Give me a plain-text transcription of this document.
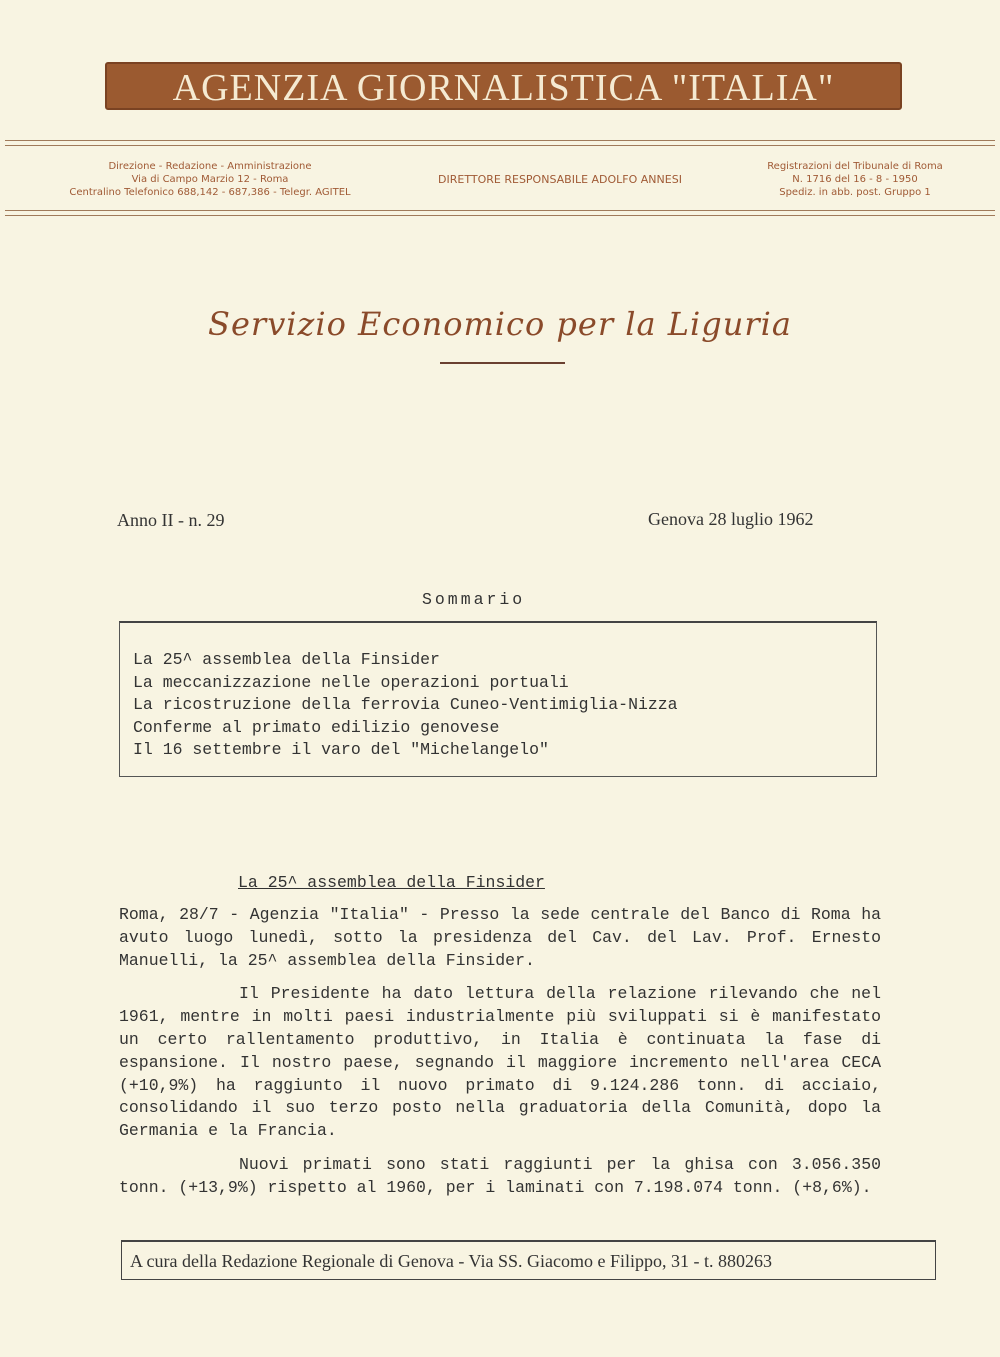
AGENZIA GIORNALISTICA "ITALIA"
Direzione - Redazione - Amministrazione
Via di Campo Marzio 12 - Roma
Centralino Telefonico 688,142 - 687,386 - Telegr. AGITEL
DIRETTORE RESPONSABILE ADOLFO ANNESI
Registrazioni del Tribunale di Roma
N. 1716 del 16 - 8 - 1950
Spediz. in abb. post. Gruppo 1
Servizio Economico per la Liguria
Anno II - n. 29	Genova 28 luglio 1962
Sommario
La 25^ assemblea della Finsider
La meccanizzazione nelle operazioni portuali
La ricostruzione della ferrovia Cuneo-Ventimiglia-Nizza
Conferme al primato edilizio genovese
Il 16 settembre il varo del "Michelangelo"
La 25^ assemblea della Finsider

Roma, 28/7 - Agenzia "Italia" - Presso la sede centrale del Banco di Roma ha avuto luogo lunedì, sotto la presidenza del Cav. del Lav. Prof. Ernesto Manuelli, la 25^ assemblea della Finsider.

Il Presidente ha dato lettura della relazione rilevando che nel 1961, mentre in molti paesi industrialmente più sviluppati si è manifestato un certo rallentamento produttivo, in Italia è continuata la fase di espansione. Il nostro paese, segnando il maggiore incremento nell'area CECA (+10,9%) ha raggiunto il nuovo primato di 9.124.286 tonn. di acciaio, consolidando il suo terzo posto nella graduatoria della Comunità, dopo la Germania e la Francia.

Nuovi primati sono stati raggiunti per la ghisa con 3.056.350 tonn. (+13,9%) rispetto al 1960, per i laminati con 7.198.074 tonn. (+8,6%).

A cura della Redazione Regionale di Genova - Via SS. Giacomo e Filippo, 31 - t. 880263
